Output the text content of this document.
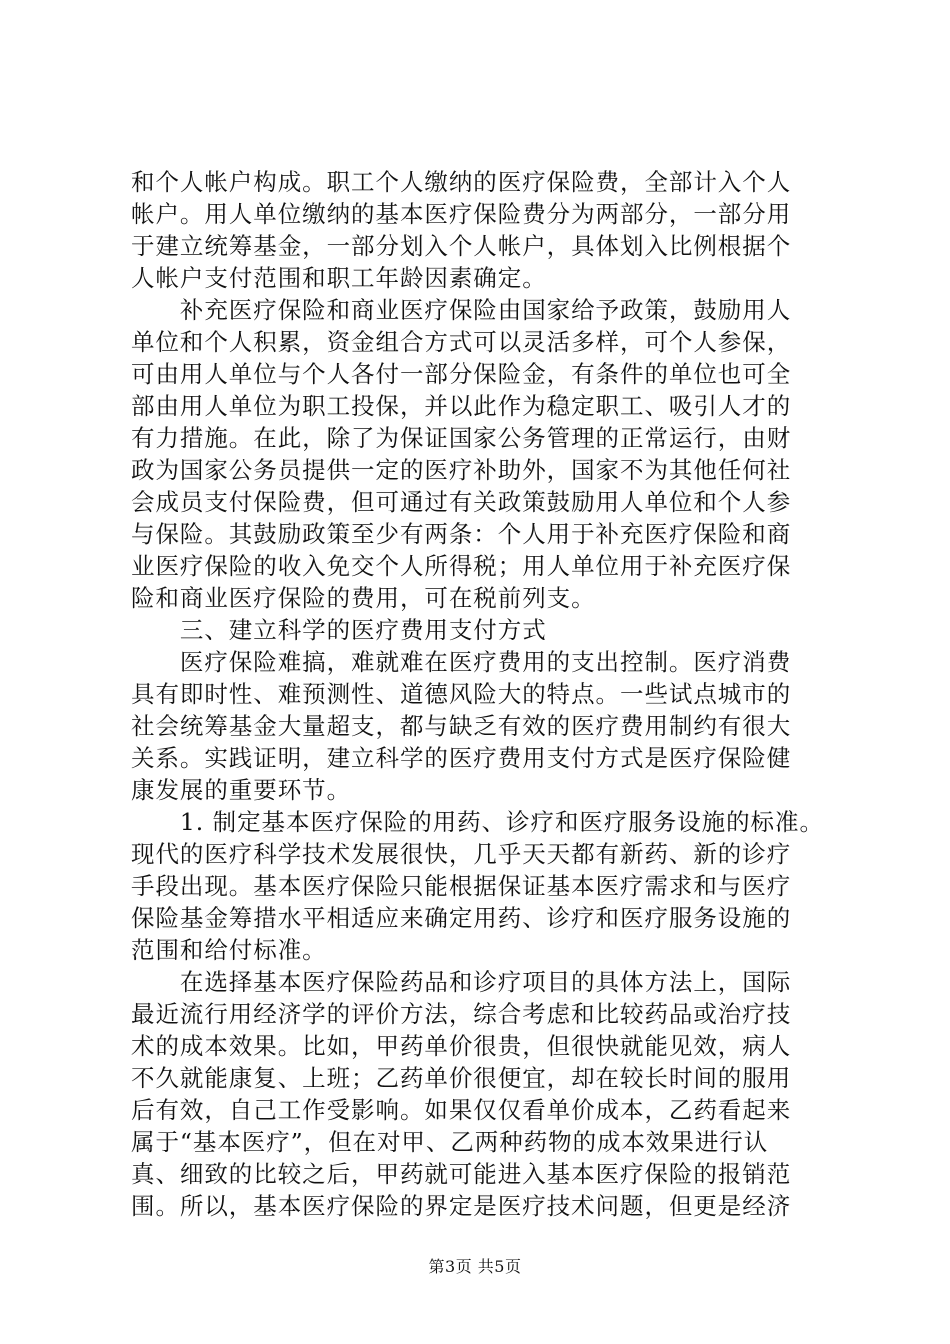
和个人帐户构成。职工个人缴纳的医疗保险费，全部计入个人
帐户。用人单位缴纳的基本医疗保险费分为两部分，一部分用
于建立统筹基金，一部分划入个人帐户，具体划入比例根据个
人帐户支付范围和职工年龄因素确定。
　　补充医疗保险和商业医疗保险由国家给予政策，鼓励用人
单位和个人积累，资金组合方式可以灵活多样，可个人参保，
可由用人单位与个人各付一部分保险金，有条件的单位也可全
部由用人单位为职工投保，并以此作为稳定职工、吸引人才的
有力措施。在此，除了为保证国家公务管理的正常运行，由财
政为国家公务员提供一定的医疗补助外，国家不为其他任何社
会成员支付保险费，但可通过有关政策鼓励用人单位和个人参
与保险。其鼓励政策至少有两条：个人用于补充医疗保险和商
业医疗保险的收入免交个人所得税；用人单位用于补充医疗保
险和商业医疗保险的费用，可在税前列支。
　　三、建立科学的医疗费用支付方式
　　医疗保险难搞，难就难在医疗费用的支出控制。医疗消费
具有即时性、难预测性、道德风险大的特点。一些试点城市的
社会统筹基金大量超支，都与缺乏有效的医疗费用制约有很大
关系。实践证明，建立科学的医疗费用支付方式是医疗保险健
康发展的重要环节。
　　1. 制定基本医疗保险的用药、诊疗和医疗服务设施的标准。
现代的医疗科学技术发展很快，几乎天天都有新药、新的诊疗
手段出现。基本医疗保险只能根据保证基本医疗需求和与医疗
保险基金筹措水平相适应来确定用药、诊疗和医疗服务设施的
范围和给付标准。
　　在选择基本医疗保险药品和诊疗项目的具体方法上，国际
最近流行用经济学的评价方法，综合考虑和比较药品或治疗技
术的成本效果。比如，甲药单价很贵，但很快就能见效，病人
不久就能康复、上班；乙药单价很便宜，却在较长时间的服用
后有效，自己工作受影响。如果仅仅看单价成本，乙药看起来
属于“基本医疗”，但在对甲、乙两种药物的成本效果进行认
真、细致的比较之后，甲药就可能进入基本医疗保险的报销范
围。所以，基本医疗保险的界定是医疗技术问题，但更是经济
第3页 共5页
